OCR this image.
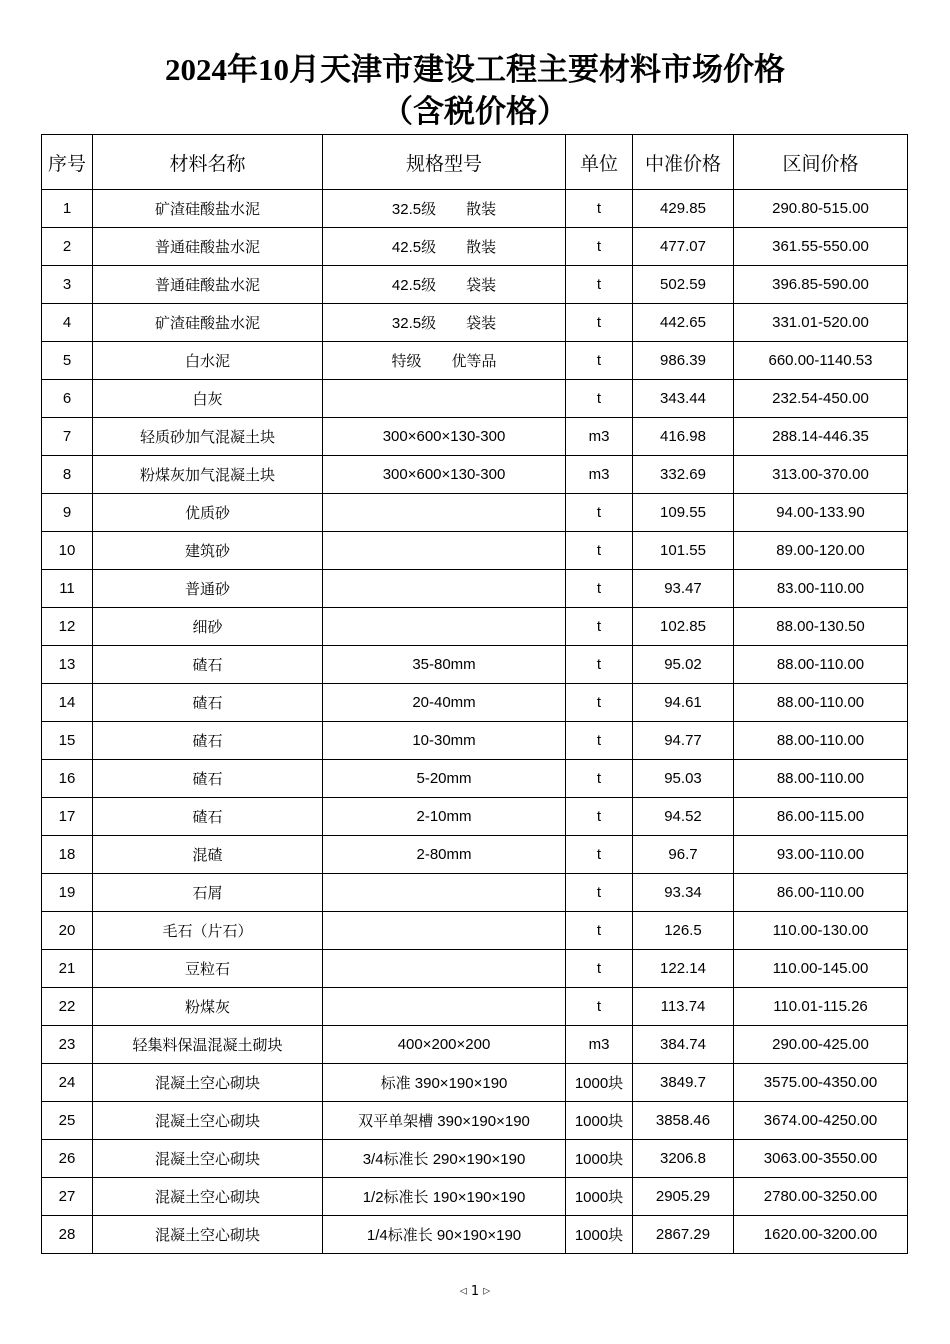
2024年10月天津市建设工程主要材料市场价格
（含税价格）
序号	材料名称	规格型号	单位	中准价格	区间价格
1	矿渣硅酸盐水泥	32.5级 散装	t	429.85	290.80-515.00
2	普通硅酸盐水泥	42.5级 散装	t	477.07	361.55-550.00
3	普通硅酸盐水泥	42.5级 袋装	t	502.59	396.85-590.00
4	矿渣硅酸盐水泥	32.5级 袋装	t	442.65	331.01-520.00
5	白水泥	特级 优等品	t	986.39	660.00-1140.53
6	白灰		t	343.44	232.54-450.00
7	轻质砂加气混凝土块	300×600×130-300	m3	416.98	288.14-446.35
8	粉煤灰加气混凝土块	300×600×130-300	m3	332.69	313.00-370.00
9	优质砂		t	109.55	94.00-133.90
10	建筑砂		t	101.55	89.00-120.00
11	普通砂		t	93.47	83.00-110.00
12	细砂		t	102.85	88.00-130.50
13	碴石	35-80mm	t	95.02	88.00-110.00
14	碴石	20-40mm	t	94.61	88.00-110.00
15	碴石	10-30mm	t	94.77	88.00-110.00
16	碴石	5-20mm	t	95.03	88.00-110.00
17	碴石	2-10mm	t	94.52	86.00-115.00
18	混碴	2-80mm	t	96.7	93.00-110.00
19	石屑		t	93.34	86.00-110.00
20	毛石（片石）		t	126.5	110.00-130.00
21	豆粒石		t	122.14	110.00-145.00
22	粉煤灰		t	113.74	110.01-115.26
23	轻集料保温混凝土砌块	400×200×200	m3	384.74	290.00-425.00
24	混凝土空心砌块	标准 390×190×190	1000块	3849.7	3575.00-4350.00
25	混凝土空心砌块	双平单架槽 390×190×190	1000块	3858.46	3674.00-4250.00
26	混凝土空心砌块	3/4标准长 290×190×190	1000块	3206.8	3063.00-3550.00
27	混凝土空心砌块	1/2标准长 190×190×190	1000块	2905.29	2780.00-3250.00
28	混凝土空心砌块	1/4标准长 90×190×190	1000块	2867.29	1620.00-3200.00
◁ 1 ▷
